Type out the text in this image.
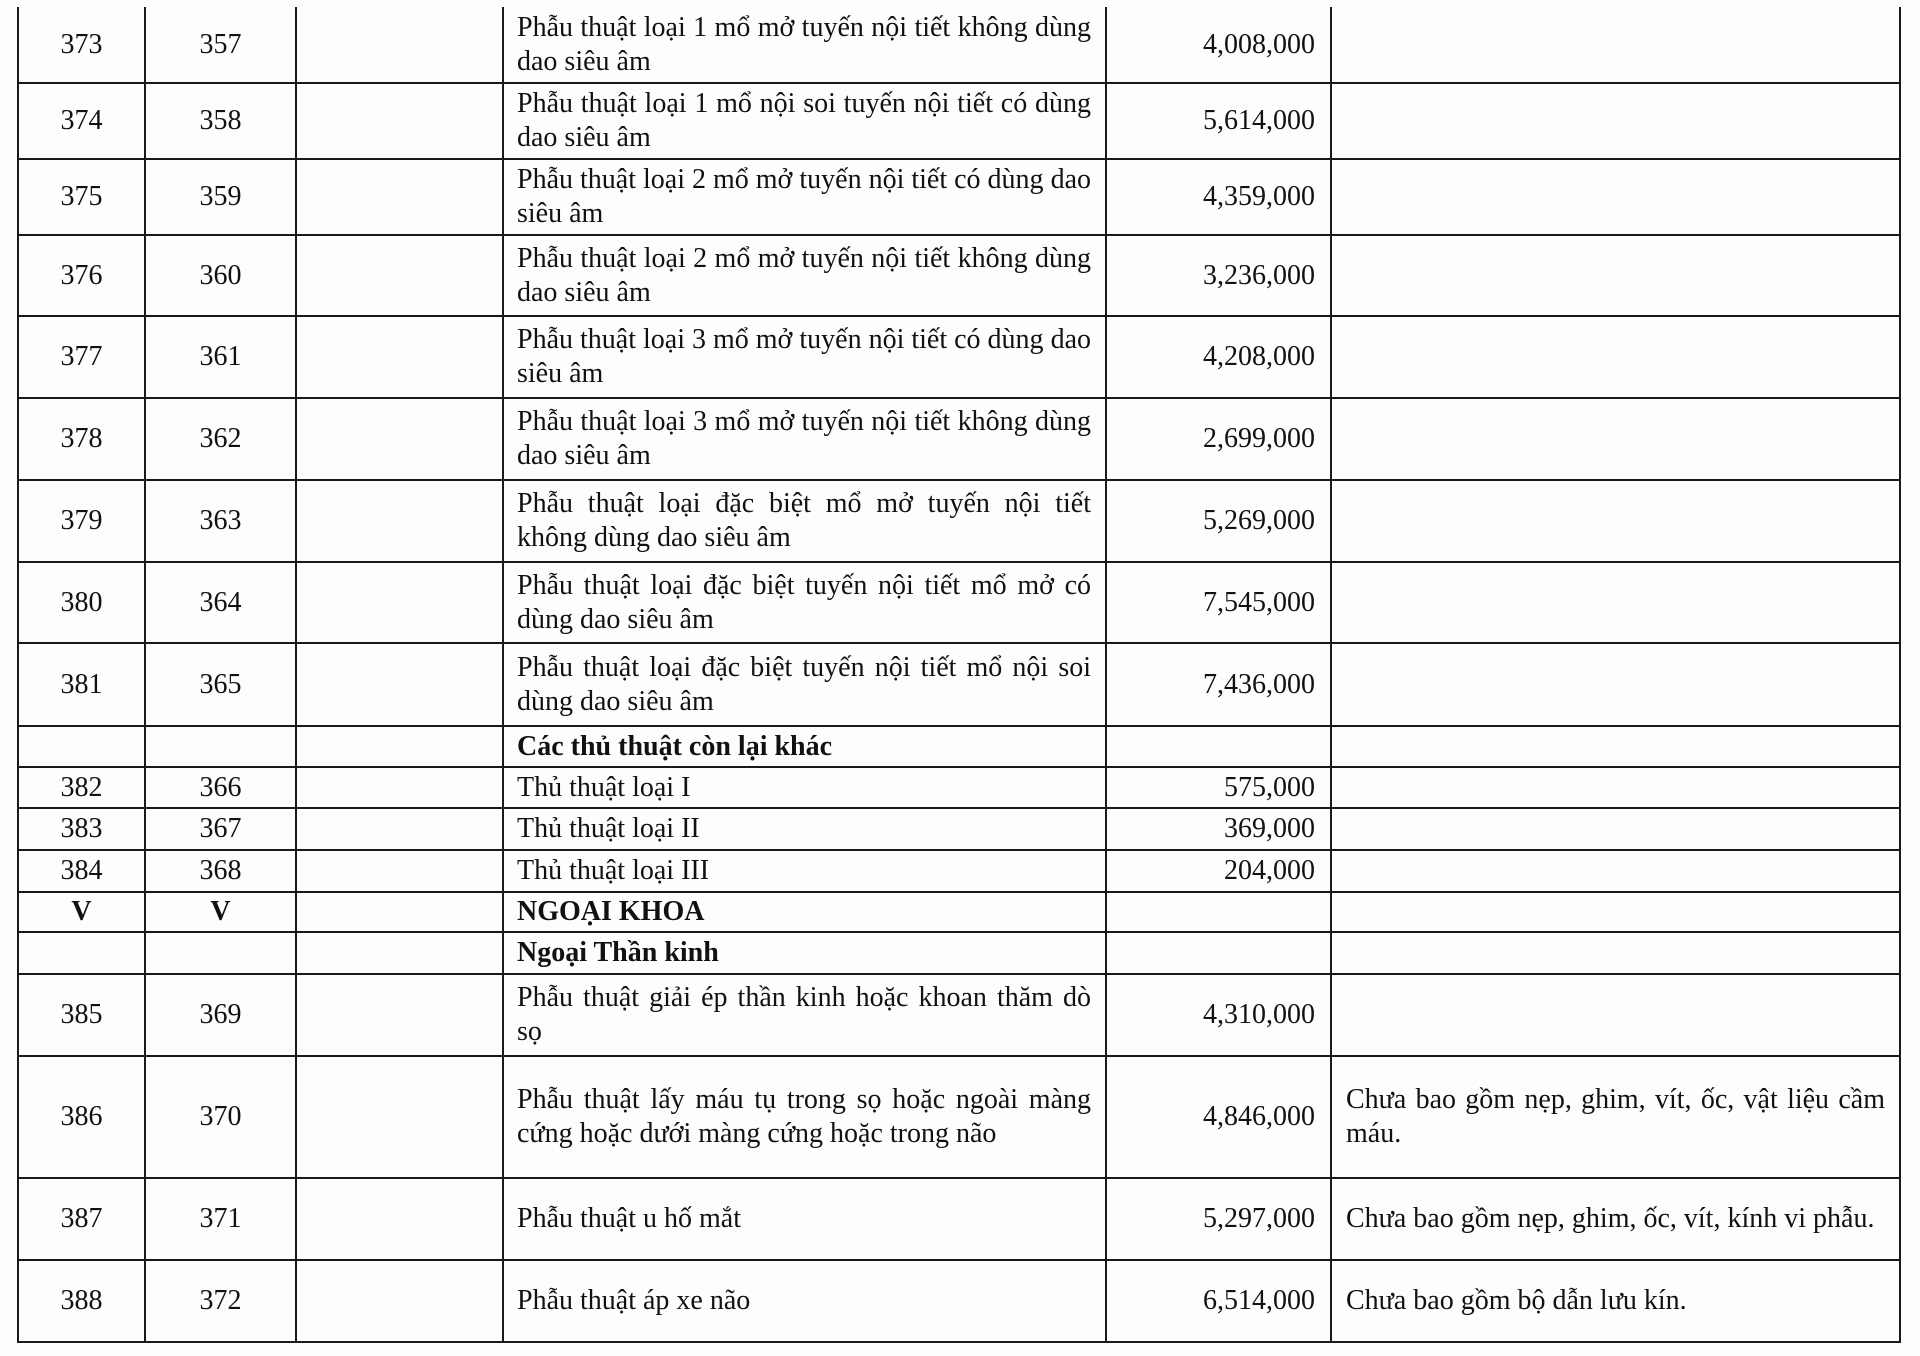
373	357		Phẫu thuật loại 1 mổ mở tuyến nội tiết không dùng dao siêu âm	4,008,000	
374	358		Phẫu thuật loại 1 mổ nội soi tuyến nội tiết có dùng dao siêu âm	5,614,000	
375	359		Phẫu thuật loại 2 mổ mở tuyến nội tiết có dùng dao siêu âm	4,359,000	
376	360		Phẫu thuật loại 2 mổ mở tuyến nội tiết không dùng dao siêu âm	3,236,000	
377	361		Phẫu thuật loại 3 mổ mở tuyến nội tiết có dùng dao siêu âm	4,208,000	
378	362		Phẫu thuật loại 3 mổ mở tuyến nội tiết không dùng dao siêu âm	2,699,000	
379	363		Phẫu thuật loại đặc biệt mổ mở tuyến nội tiết không dùng dao siêu âm	5,269,000	
380	364		Phẫu thuật loại đặc biệt tuyến nội tiết mổ mở có dùng dao siêu âm	7,545,000	
381	365		Phẫu thuật loại đặc biệt tuyến nội tiết mổ nội soi dùng dao siêu âm	7,436,000	
			Các thủ thuật còn lại khác		
382	366		Thủ thuật loại I	575,000	
383	367		Thủ thuật loại II	369,000	
384	368		Thủ thuật loại III	204,000	
V	V		NGOẠI KHOA		
			Ngoại Thần kinh		
385	369		Phẫu thuật giải ép thần kinh hoặc khoan thăm dò sọ	4,310,000	
386	370		Phẫu thuật lấy máu tụ trong sọ hoặc ngoài màng cứng hoặc dưới màng cứng hoặc trong não	4,846,000	Chưa bao gồm nẹp, ghim, vít, ốc, vật liệu cầm máu.
387	371		Phẫu thuật u hố mắt	5,297,000	Chưa bao gồm nẹp, ghim, ốc, vít, kính vi phẫu.
388	372		Phẫu thuật áp xe não	6,514,000	Chưa bao gồm bộ dẫn lưu kín.
